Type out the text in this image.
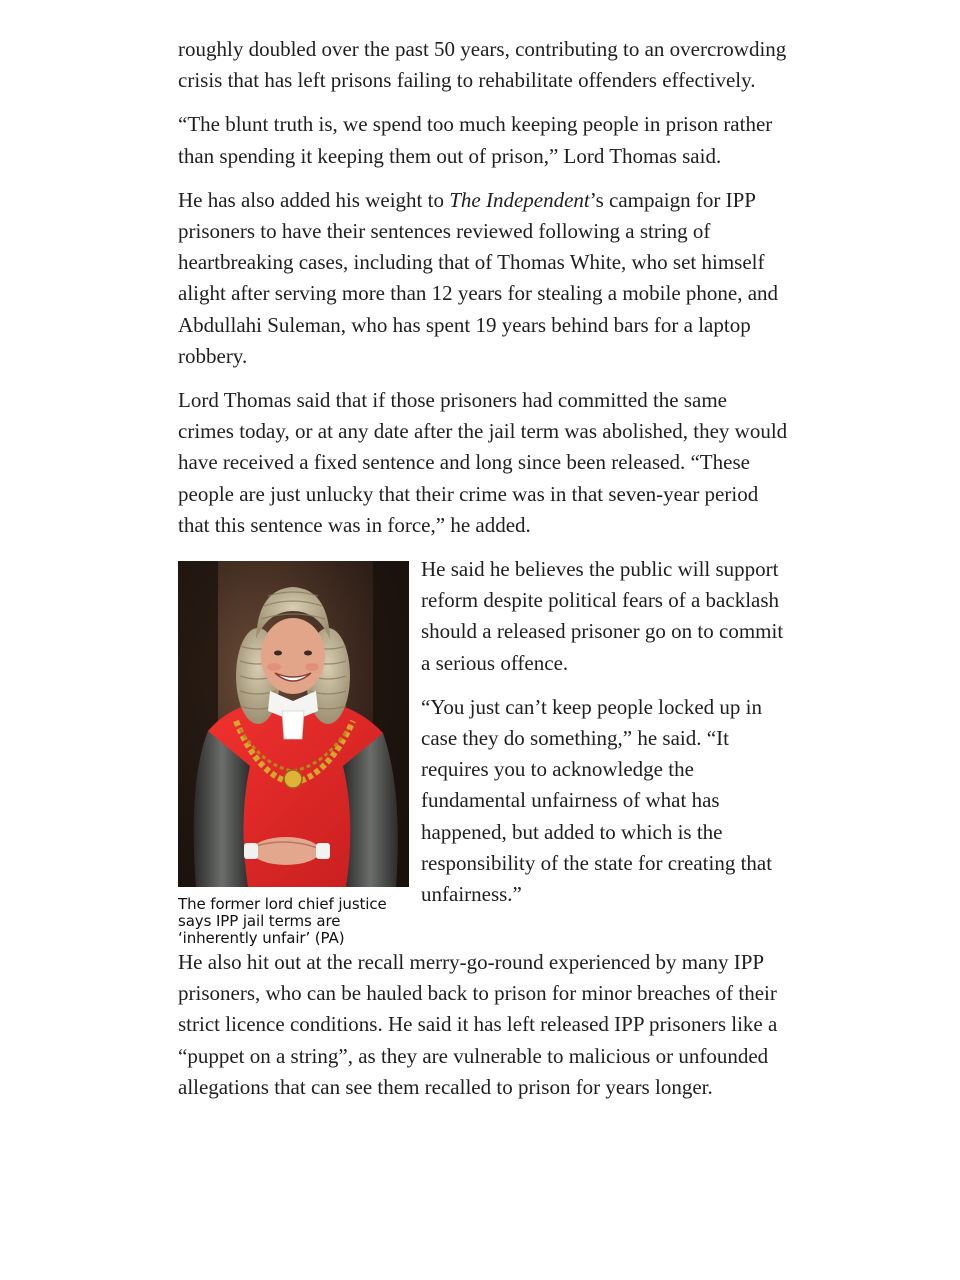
roughly doubled over the past 50 years, contributing to an overcrowding crisis that has left prisons failing to rehabilitate offenders effectively.

“The blunt truth is, we spend too much keeping people in prison rather than spending it keeping them out of prison,” Lord Thomas said.

He has also added his weight to The Independent’s campaign for IPP prisoners to have their sentences reviewed following a string of heartbreaking cases, including that of Thomas White, who set himself alight after serving more than 12 years for stealing a mobile phone, and Abdullahi Suleman, who has spent 19 years behind bars for a laptop robbery.

Lord Thomas said that if those prisoners had committed the same crimes today, or at any date after the jail term was abolished, they would have received a fixed sentence and long since been released. “These people are just unlucky that their crime was in that seven-year period that this sentence was in force,” he added.

The former lord chief justice says IPP jail terms are ‘inherently unfair’ (PA)

He said he believes the public will support reform despite political fears of a backlash should a released prisoner go on to commit a serious offence.

“You just can’t keep people locked up in case they do something,” he said. “It requires you to acknowledge the fundamental unfairness of what has happened, but added to which is the responsibility of the state for creating that unfairness.”

He also hit out at the recall merry-go-round experienced by many IPP prisoners, who can be hauled back to prison for minor breaches of their strict licence conditions. He said it has left released IPP prisoners like a “puppet on a string”, as they are vulnerable to malicious or unfounded allegations that can see them recalled to prison for years longer.
